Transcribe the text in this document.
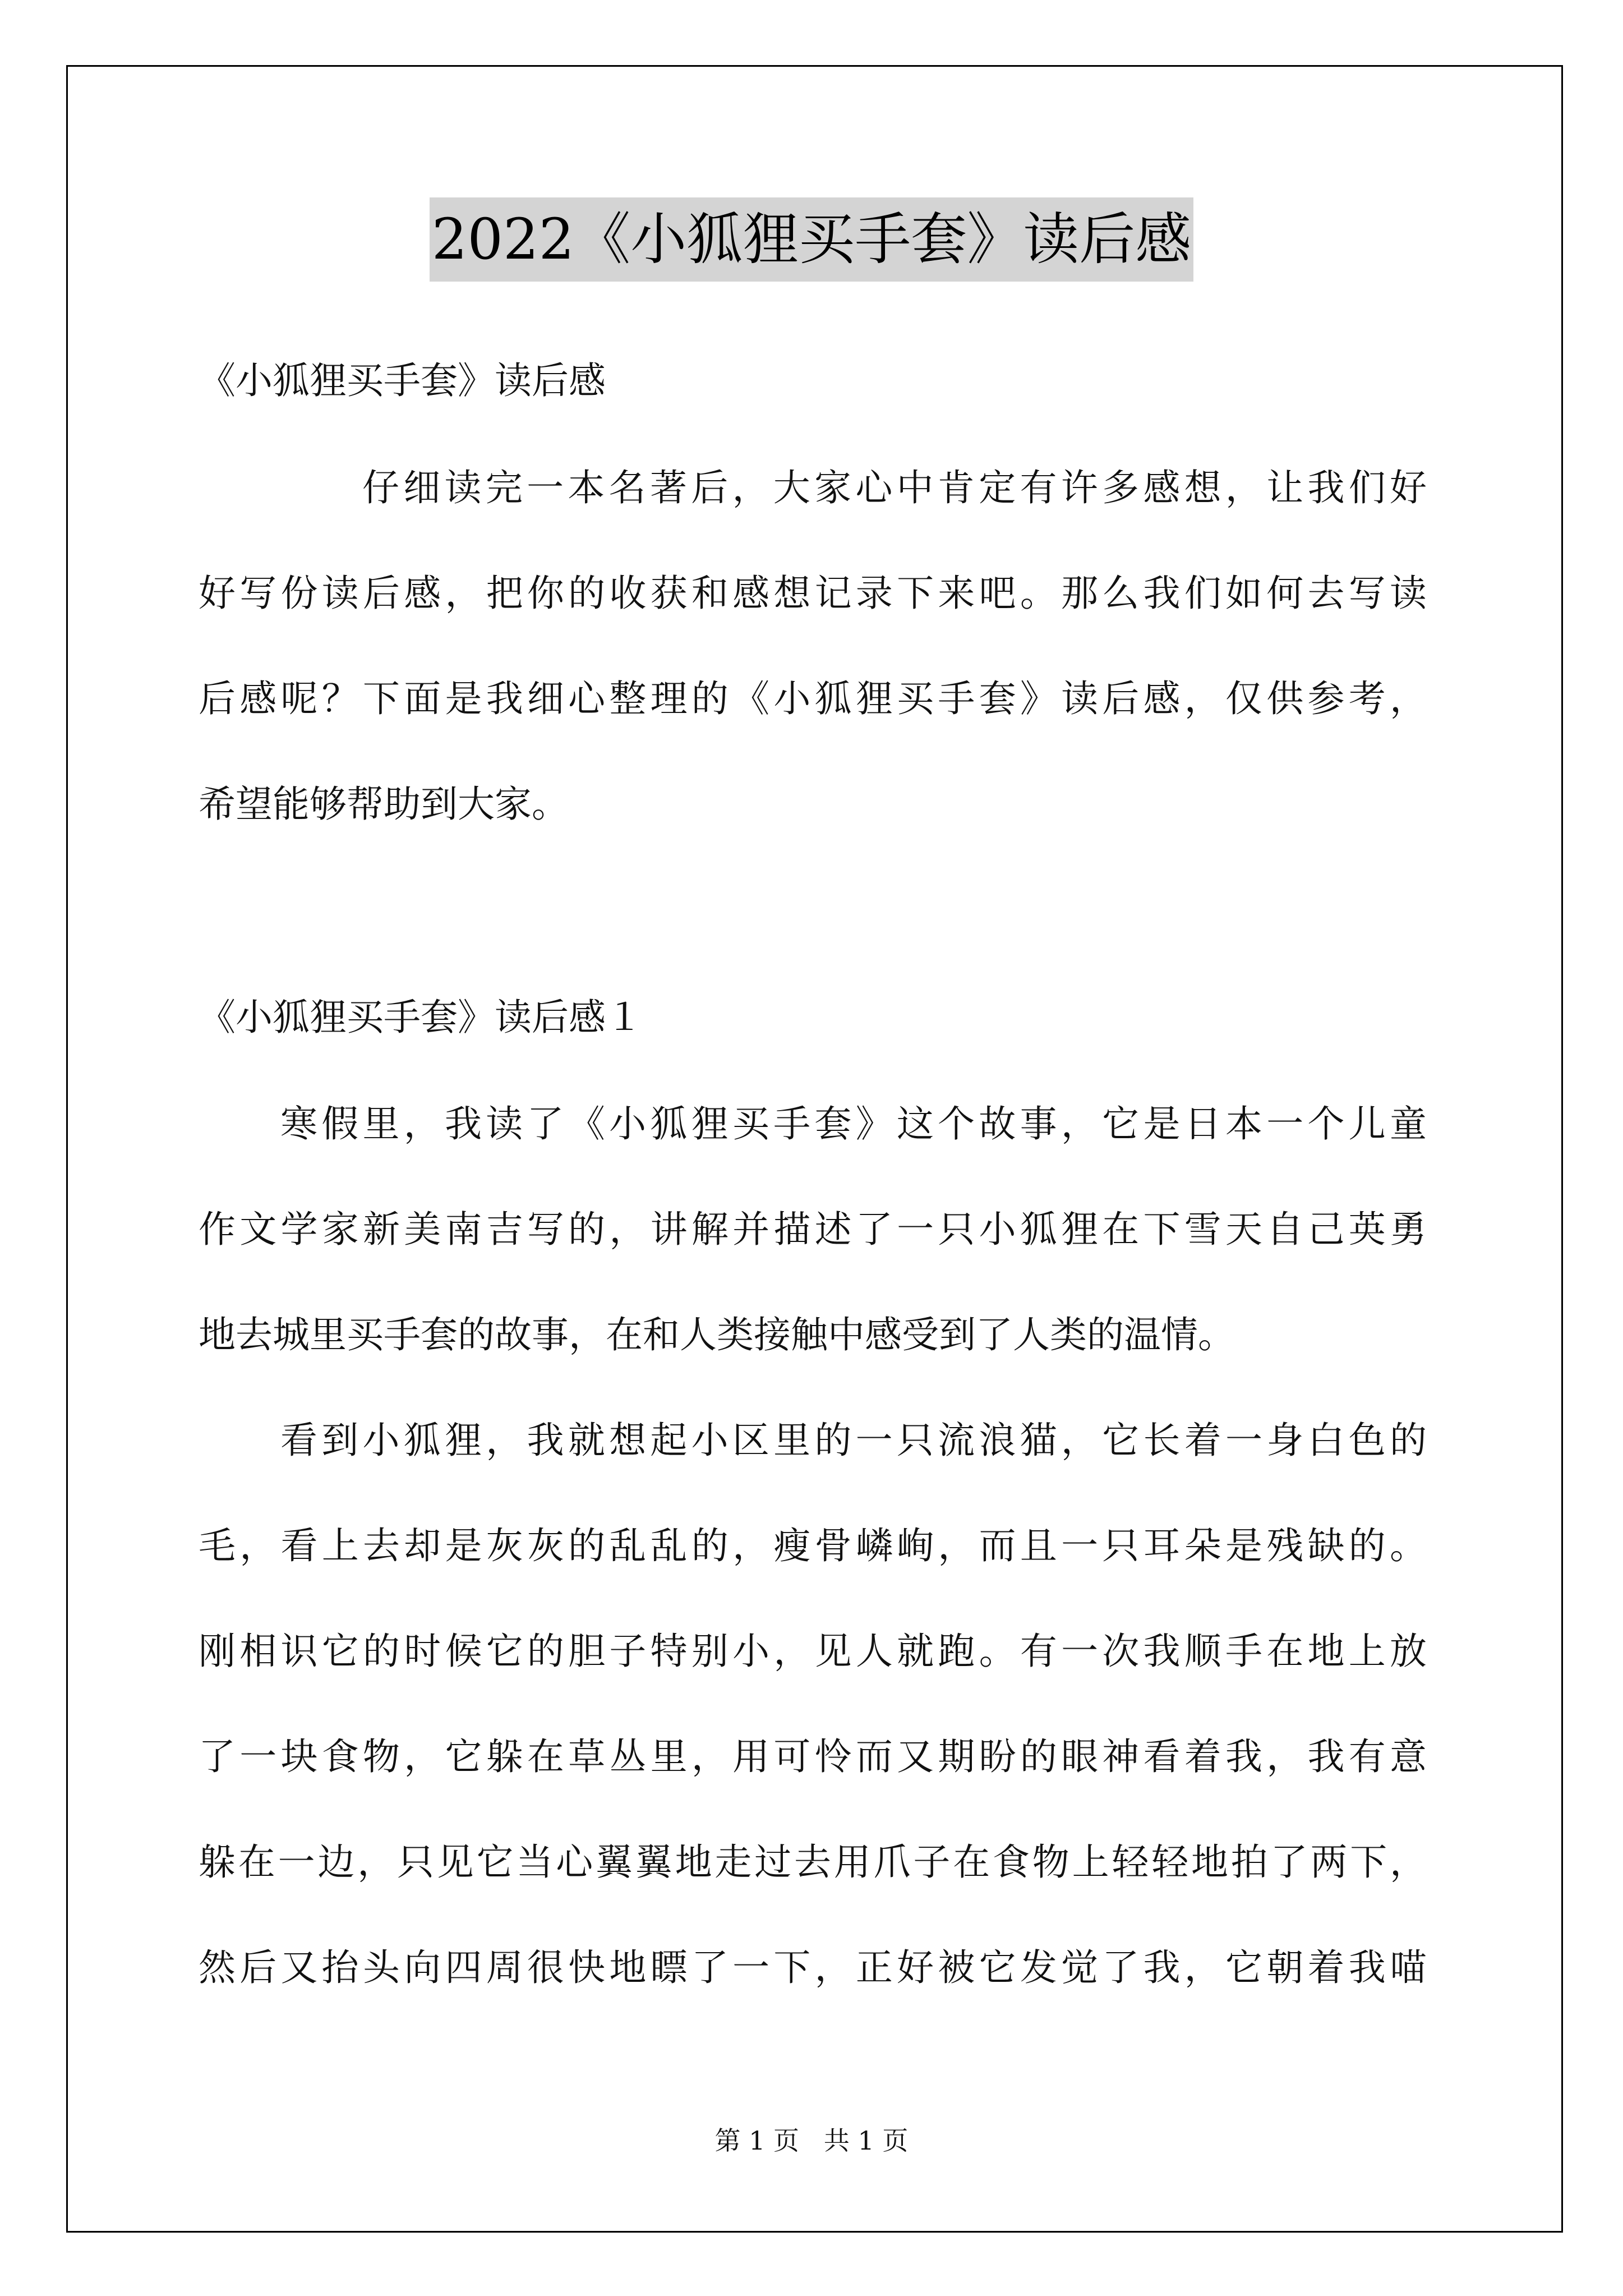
2022《小狐狸买手套》读后感
《小狐狸买手套》读后感
仔细读完一本名著后，大家心中肯定有许多感想，让我们好
好写份读后感，把你的收获和感想记录下来吧。那么我们如何去写读
后感呢？下面是我细心整理的《小狐狸买手套》读后感，仅供参考，
希望能够帮助到大家。
《小狐狸买手套》读后感１
寒假里，我读了《小狐狸买手套》这个故事，它是日本一个儿童
作文学家新美南吉写的，讲解并描述了一只小狐狸在下雪天自己英勇
地去城里买手套的故事，在和人类接触中感受到了人类的温情。
看到小狐狸，我就想起小区里的一只流浪猫，它长着一身白色的
毛，看上去却是灰灰的乱乱的，瘦骨嶙峋，而且一只耳朵是残缺的。
刚相识它的时候它的胆子特别小，见人就跑。有一次我顺手在地上放
了一块食物，它躲在草丛里，用可怜而又期盼的眼神看着我，我有意
躲在一边，只见它当心翼翼地走过去用爪子在食物上轻轻地拍了两下，
然后又抬头向四周很快地瞟了一下，正好被它发觉了我，它朝着我喵
第 1 页   共 1 页
